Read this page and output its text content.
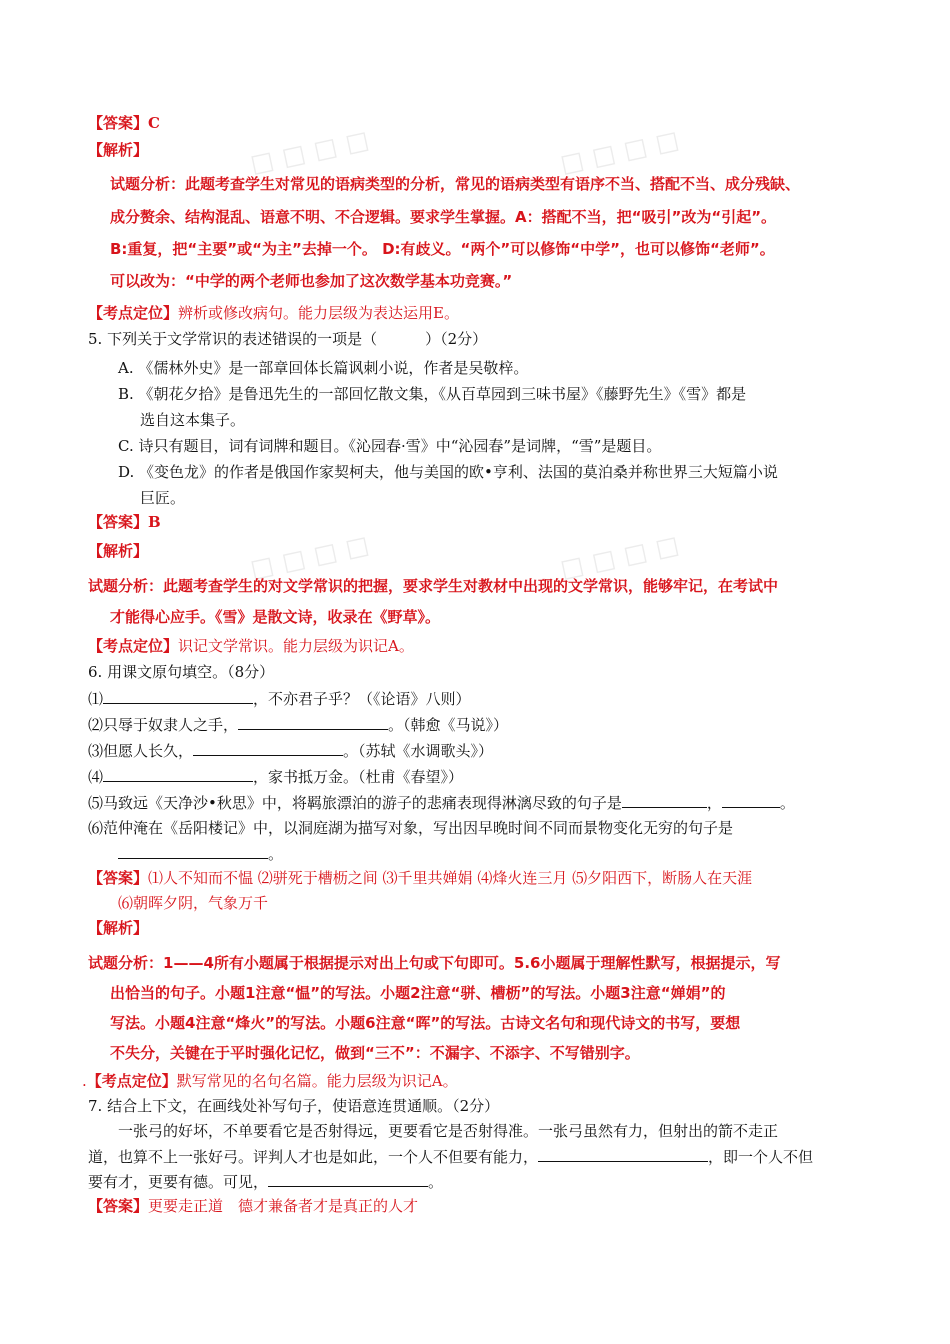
☐ ☐ ☐ ☐	☐ ☐ ☐ ☐
☐ ☐ ☐ ☐	☐ ☐ ☐ ☐
【答案】C
【解析】
试题分析：此题考查学生对常见的语病类型的分析，常见的语病类型有语序不当、搭配不当、成分残缺、
成分赘余、结构混乱、语意不明、不合逻辑。要求学生掌握。A：搭配不当，把“吸引”改为“引起”。
B:重复，把“主要”或“为主”去掉一个。 D:有歧义。“两个”可以修饰“中学”，也可以修饰“老师”。
可以改为：“中学的两个老师也参加了这次数学基本功竞赛。”
【考点定位】辨析或修改病句。能力层级为表达运用E。
5. 下列关于文学常识的表述错误的一项是（	）（2分）
A. 《儒林外史》是一部章回体长篇讽刺小说，作者是吴敬梓。
B. 《朝花夕拾》是鲁迅先生的一部回忆散文集，《从百草园到三味书屋》《藤野先生》《雪》都是
选自这本集子。
C. 诗只有题目，词有词牌和题目。《沁园春·雪》中“沁园春”是词牌，“雪”是题目。
D. 《变色龙》的作者是俄国作家契柯夫，他与美国的欧•亨利、法国的莫泊桑并称世界三大短篇小说
巨匠。
【答案】B
【解析】
试题分析：此题考查学生的对文学常识的把握，要求学生对教材中出现的文学常识，能够牢记，在考试中
才能得心应手。《雪》是散文诗，收录在《野草》。
【考点定位】识记文学常识。能力层级为识记A。
6. 用课文原句填空。（8分）
⑴	，不亦君子乎？（《论语》八则）
⑵只辱于奴隶人之手，	。（韩愈《马说》）
⑶但愿人长久，	。（苏轼《水调歌头》）
⑷	，家书抵万金。（杜甫《春望》）
⑸马致远《天净沙•秋思》中，将羁旅漂泊的游子的悲痛表现得淋漓尽致的句子是	，	。
⑹范仲淹在《岳阳楼记》中，以洞庭湖为描写对象，写出因早晚时间不同而景物变化无穷的句子是
。
【答案】⑴人不知而不愠 ⑵骈死于槽枥之间 ⑶千里共婵娟 ⑷烽火连三月 ⑸夕阳西下，断肠人在天涯
⑹朝晖夕阴，气象万千
【解析】
试题分析：1——4所有小题属于根据提示对出上句或下句即可。5.6小题属于理解性默写，根据提示，写
出恰当的句子。小题1注意“愠”的写法。小题2注意“骈、槽枥”的写法。小题3注意“婵娟”的
写法。小题4注意“烽火”的写法。小题6注意“晖”的写法。古诗文名句和现代诗文的书写，要想
不失分，关键在于平时强化记忆，做到“三不”：不漏字、不添字、不写错别字。
.【考点定位】默写常见的名句名篇。能力层级为识记A。
7. 结合上下文，在画线处补写句子，使语意连贯通顺。（2分）
一张弓的好坏，不单要看它是否射得远，更要看它是否射得准。一张弓虽然有力，但射出的箭不走正
道，也算不上一张好弓。评判人才也是如此，一个人不但要有能力，	，即一个人不但
要有才，更要有德。可见，	。
【答案】更要走正道　德才兼备者才是真正的人才
